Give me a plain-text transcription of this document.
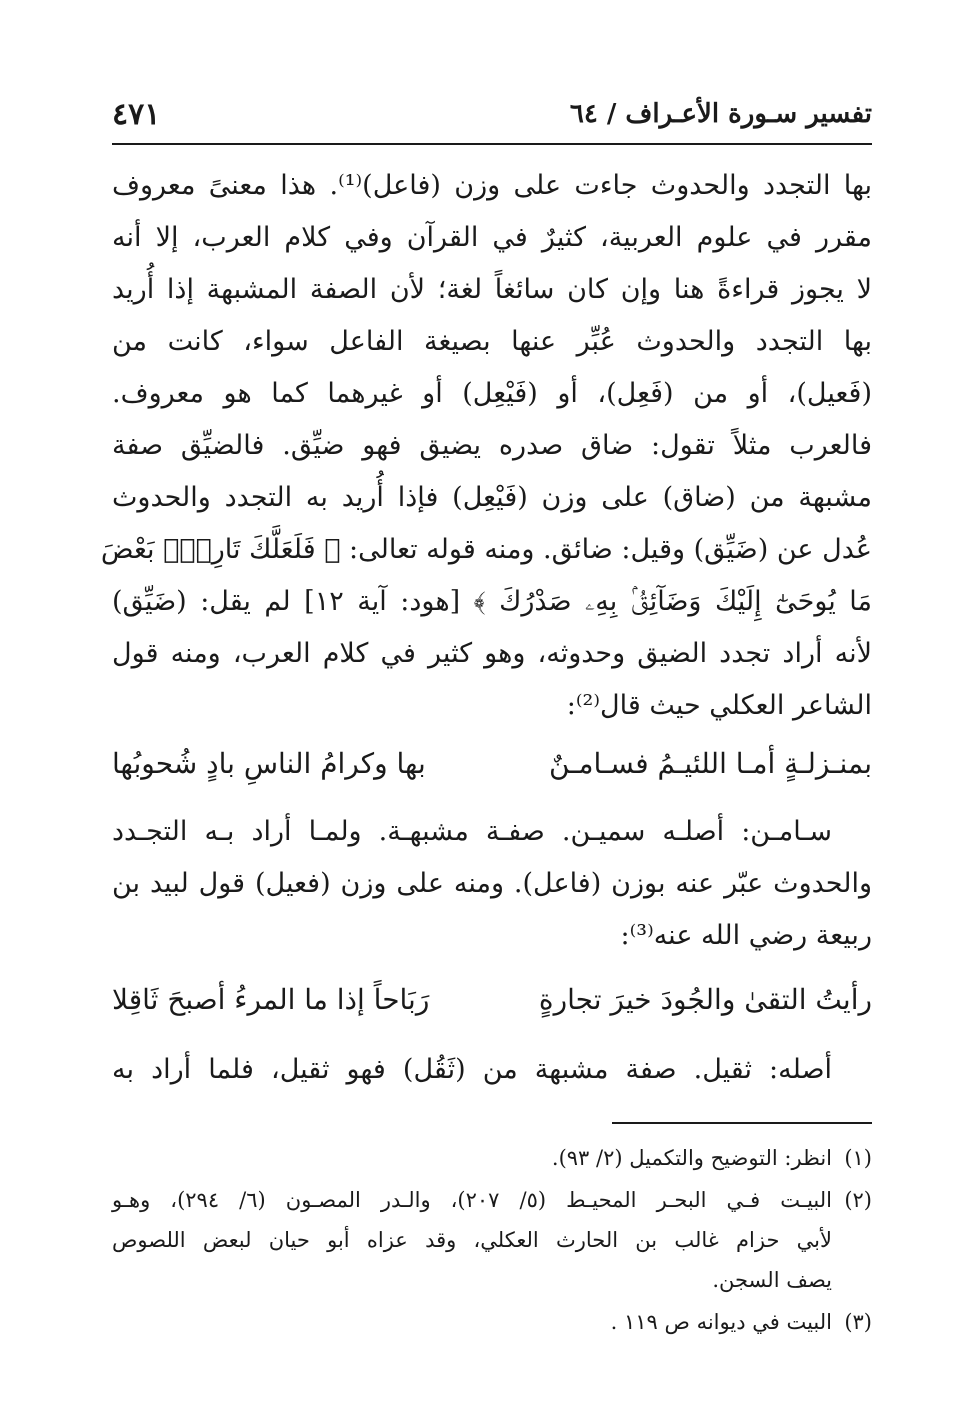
تفسير سـورة الأعـراف / ٦٤
٤٧١
بها التجدد والحدوث جاءت على وزن (فاعل)⁽¹⁾. هذا معنىً معروف
مقرر في علوم العربية، كثيرٌ في القرآن وفي كلام العرب، إلا أنه
لا يجوز قراءةً هنا وإن كان سائغاً لغة؛ لأن الصفة المشبهة إذا أُريد
بها التجدد والحدوث عُبِّر عنها بصيغة الفاعل سواء، كانت من
(فَعيل)، أو من (فَعِل)، أو (فَيْعِل) أو غيرهما كما هو معروف.
فالعرب مثلاً تقول: ضاق صدره يضيق فهو ضيِّق. فالضيِّق صفة
مشبهة من (ضاق) على وزن (فَيْعِل) فإذا أُريد به التجدد والحدوث
عُدل عن (ضَيِّق) وقيل: ضائق. ومنه قوله تعالى: ﴿ فَلَعَلَّكَ تَارِكُۢ بَعْضَ
مَا يُوحَىٰٓ إِلَيْكَ وَضَآئِقُۢ بِهِۦ صَدْرُكَ ﴾ [هود: آية ١٢] لم يقل: (ضَيِّق)
لأنه أراد تجدد الضيق وحدوثه، وهو كثير في كلام العرب، ومنه قول
الشاعر العكلي حيث قال⁽²⁾:
بمنـزلـةٍ أمـا اللئيـمُ فسـامـنٌ
بها وكرامُ الناسِ بادٍ شُحوبُها
سـامـن: أصلـه سميـن. صفـة مشبهـة. ولمـا أراد بـه التجـدد
والحدوث عبّر عنه بوزن (فاعل). ومنه على وزن (فعيل) قول لبيد بن
ربيعة رضي الله عنه⁽³⁾:
رأيتُ التقىٰ والجُودَ خيرَ تجارةٍ
رَبَاحاً إذا ما المرءُ أصبحَ ثَاقِلا
أصله: ثقيل. صفة مشبهة من (ثَقُل) فهو ثقيل، فلما أراد به
(١)
انظر: التوضيح والتكميل (٢/ ٩٣).
(٢)
البيـت فـي البحـر المحيـط (٥/ ٢٠٧)، والـدر المصـون (٦/ ٢٩٤)، وهـو
لأبي حزام غالب بن الحارث العكلي، وقد عزاه أبو حيان لبعض اللصوص
يصف السجن.
(٣)
البيت في ديوانه ص ١١٩ .
